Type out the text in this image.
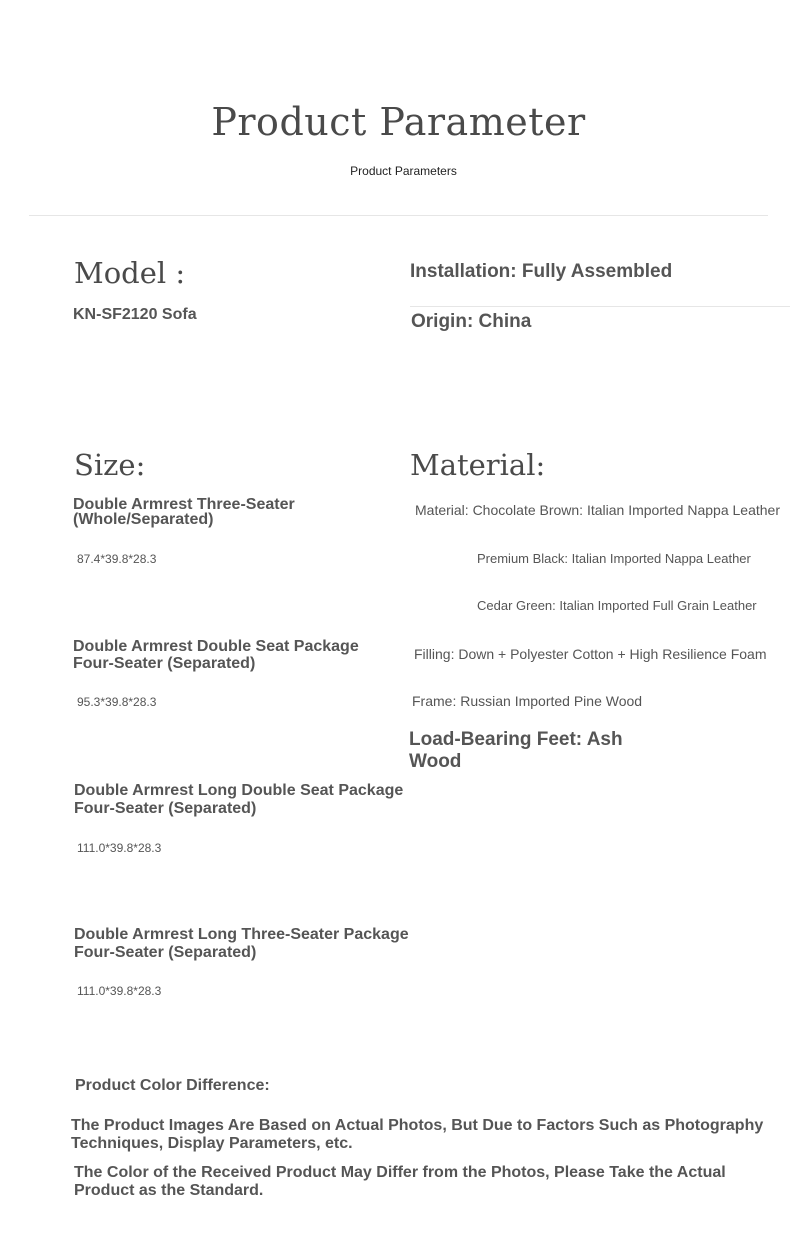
Product Parameter
Product Parameters
Model :
KN-SF2120 Sofa
Installation: Fully Assembled
Origin: China
Size:
Double Armrest Three-Seater (Whole/Separated)
87.4*39.8*28.3
Double Armrest Double Seat Package Four-Seater (Separated)
95.3*39.8*28.3
Double Armrest Long Double Seat Package Four-Seater (Separated)
111.0*39.8*28.3
Double Armrest Long Three-Seater Package Four-Seater (Separated)
111.0*39.8*28.3
Material:
Material: Chocolate Brown: Italian Imported Nappa Leather
Premium Black: Italian Imported Nappa Leather
Cedar Green: Italian Imported Full Grain Leather
Filling: Down + Polyester Cotton + High Resilience Foam
Frame: Russian Imported Pine Wood
Load-Bearing Feet: Ash Wood
Product Color Difference:
The Product Images Are Based on Actual Photos, But Due to Factors Such as Photography Techniques, Display Parameters, etc.
The Color of the Received Product May Differ from the Photos, Please Take the Actual Product as the Standard.
